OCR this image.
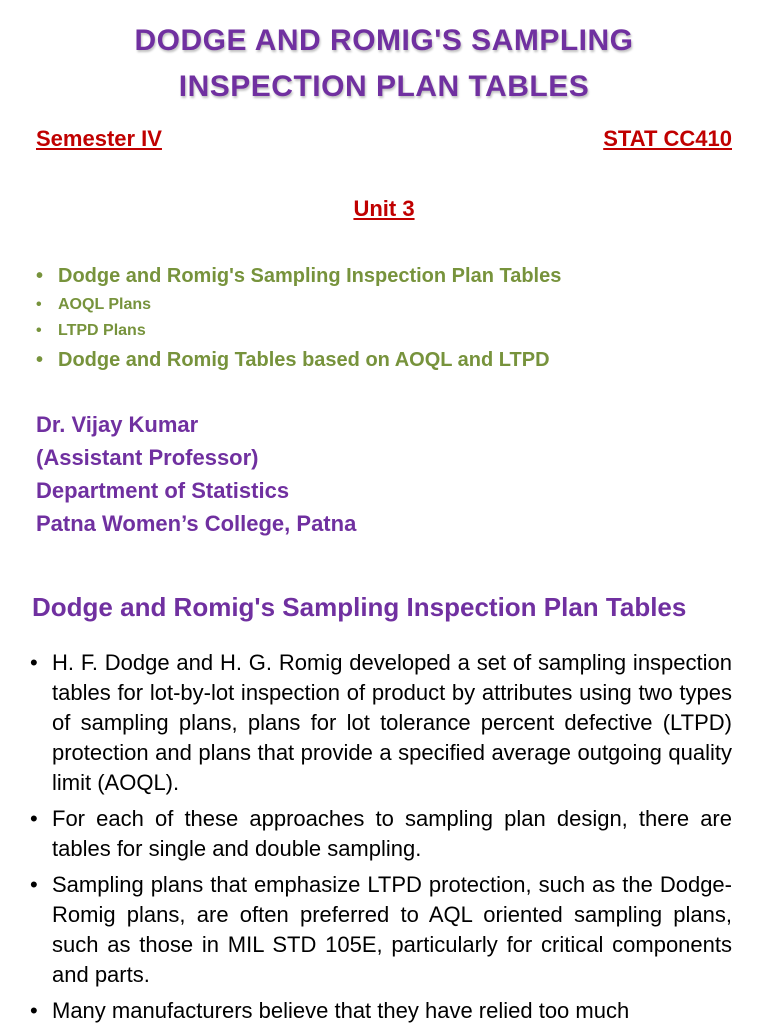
DODGE AND ROMIG'S SAMPLING
INSPECTION PLAN TABLES
Semester IV	STAT CC410
Unit 3
• Dodge and Romig's Sampling Inspection Plan Tables
• AOQL Plans
• LTPD Plans
• Dodge and Romig Tables based on AOQL and LTPD
Dr. Vijay Kumar
(Assistant Professor)
Department of Statistics
Patna Women’s College, Patna
Dodge and Romig's Sampling Inspection Plan Tables
• H. F. Dodge and H. G. Romig developed a set of sampling inspection tables for lot-by-lot inspection of product by attributes using two types of sampling plans, plans for lot tolerance percent defective (LTPD) protection and plans that provide a specified average outgoing quality limit (AOQL).
• For each of these approaches to sampling plan design, there are tables for single and double sampling.
• Sampling plans that emphasize LTPD protection, such as the Dodge-Romig plans, are often preferred to AQL oriented sampling plans, such as those in MIL STD 105E, particularly for critical components and parts.
• Many manufacturers believe that they have relied too much
